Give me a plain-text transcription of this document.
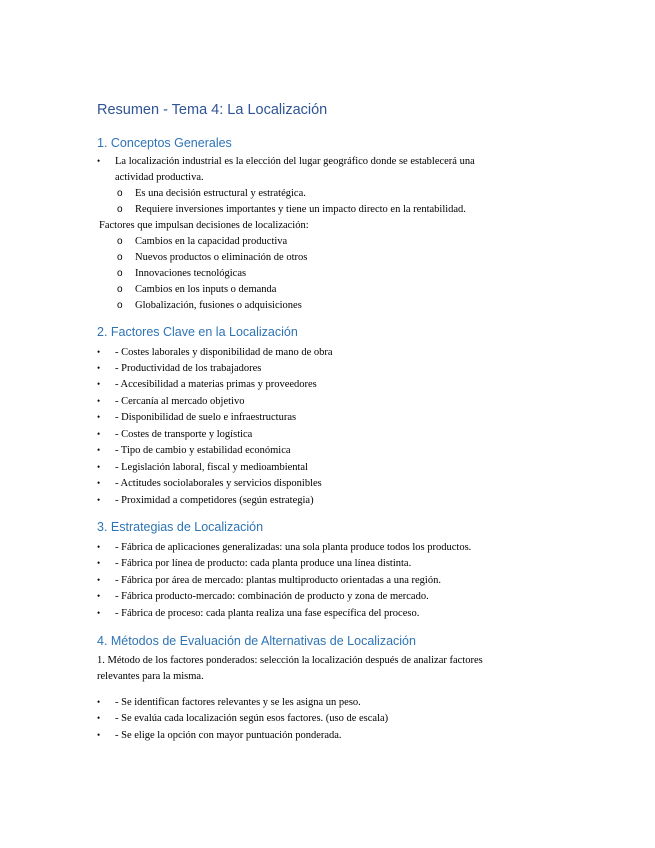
Resumen - Tema 4: La Localización
1. Conceptos Generales
• La localización industrial es la elección del lugar geográfico donde se establecerá una
actividad productiva.
o Es una decisión estructural y estratégica.
o Requiere inversiones importantes y tiene un impacto directo en la rentabilidad.
Factores que impulsan decisiones de localización:
o Cambios en la capacidad productiva
o Nuevos productos o eliminación de otros
o Innovaciones tecnológicas
o Cambios en los inputs o demanda
o Globalización, fusiones o adquisiciones
2. Factores Clave en la Localización
• - Costes laborales y disponibilidad de mano de obra
• - Productividad de los trabajadores
• - Accesibilidad a materias primas y proveedores
• - Cercanía al mercado objetivo
• - Disponibilidad de suelo e infraestructuras
• - Costes de transporte y logística
• - Tipo de cambio y estabilidad económica
• - Legislación laboral, fiscal y medioambiental
• - Actitudes sociolaborales y servicios disponibles
• - Proximidad a competidores (según estrategia)
3. Estrategias de Localización
• - Fábrica de aplicaciones generalizadas: una sola planta produce todos los productos.
• - Fábrica por línea de producto: cada planta produce una línea distinta.
• - Fábrica por área de mercado: plantas multiproducto orientadas a una región.
• - Fábrica producto-mercado: combinación de producto y zona de mercado.
• - Fábrica de proceso: cada planta realiza una fase específica del proceso.
4. Métodos de Evaluación de Alternativas de Localización
1. Método de los factores ponderados: selección la localización después de analizar factores
relevantes para la misma.
• - Se identifican factores relevantes y se les asigna un peso.
• - Se evalúa cada localización según esos factores. (uso de escala)
• - Se elige la opción con mayor puntuación ponderada.
